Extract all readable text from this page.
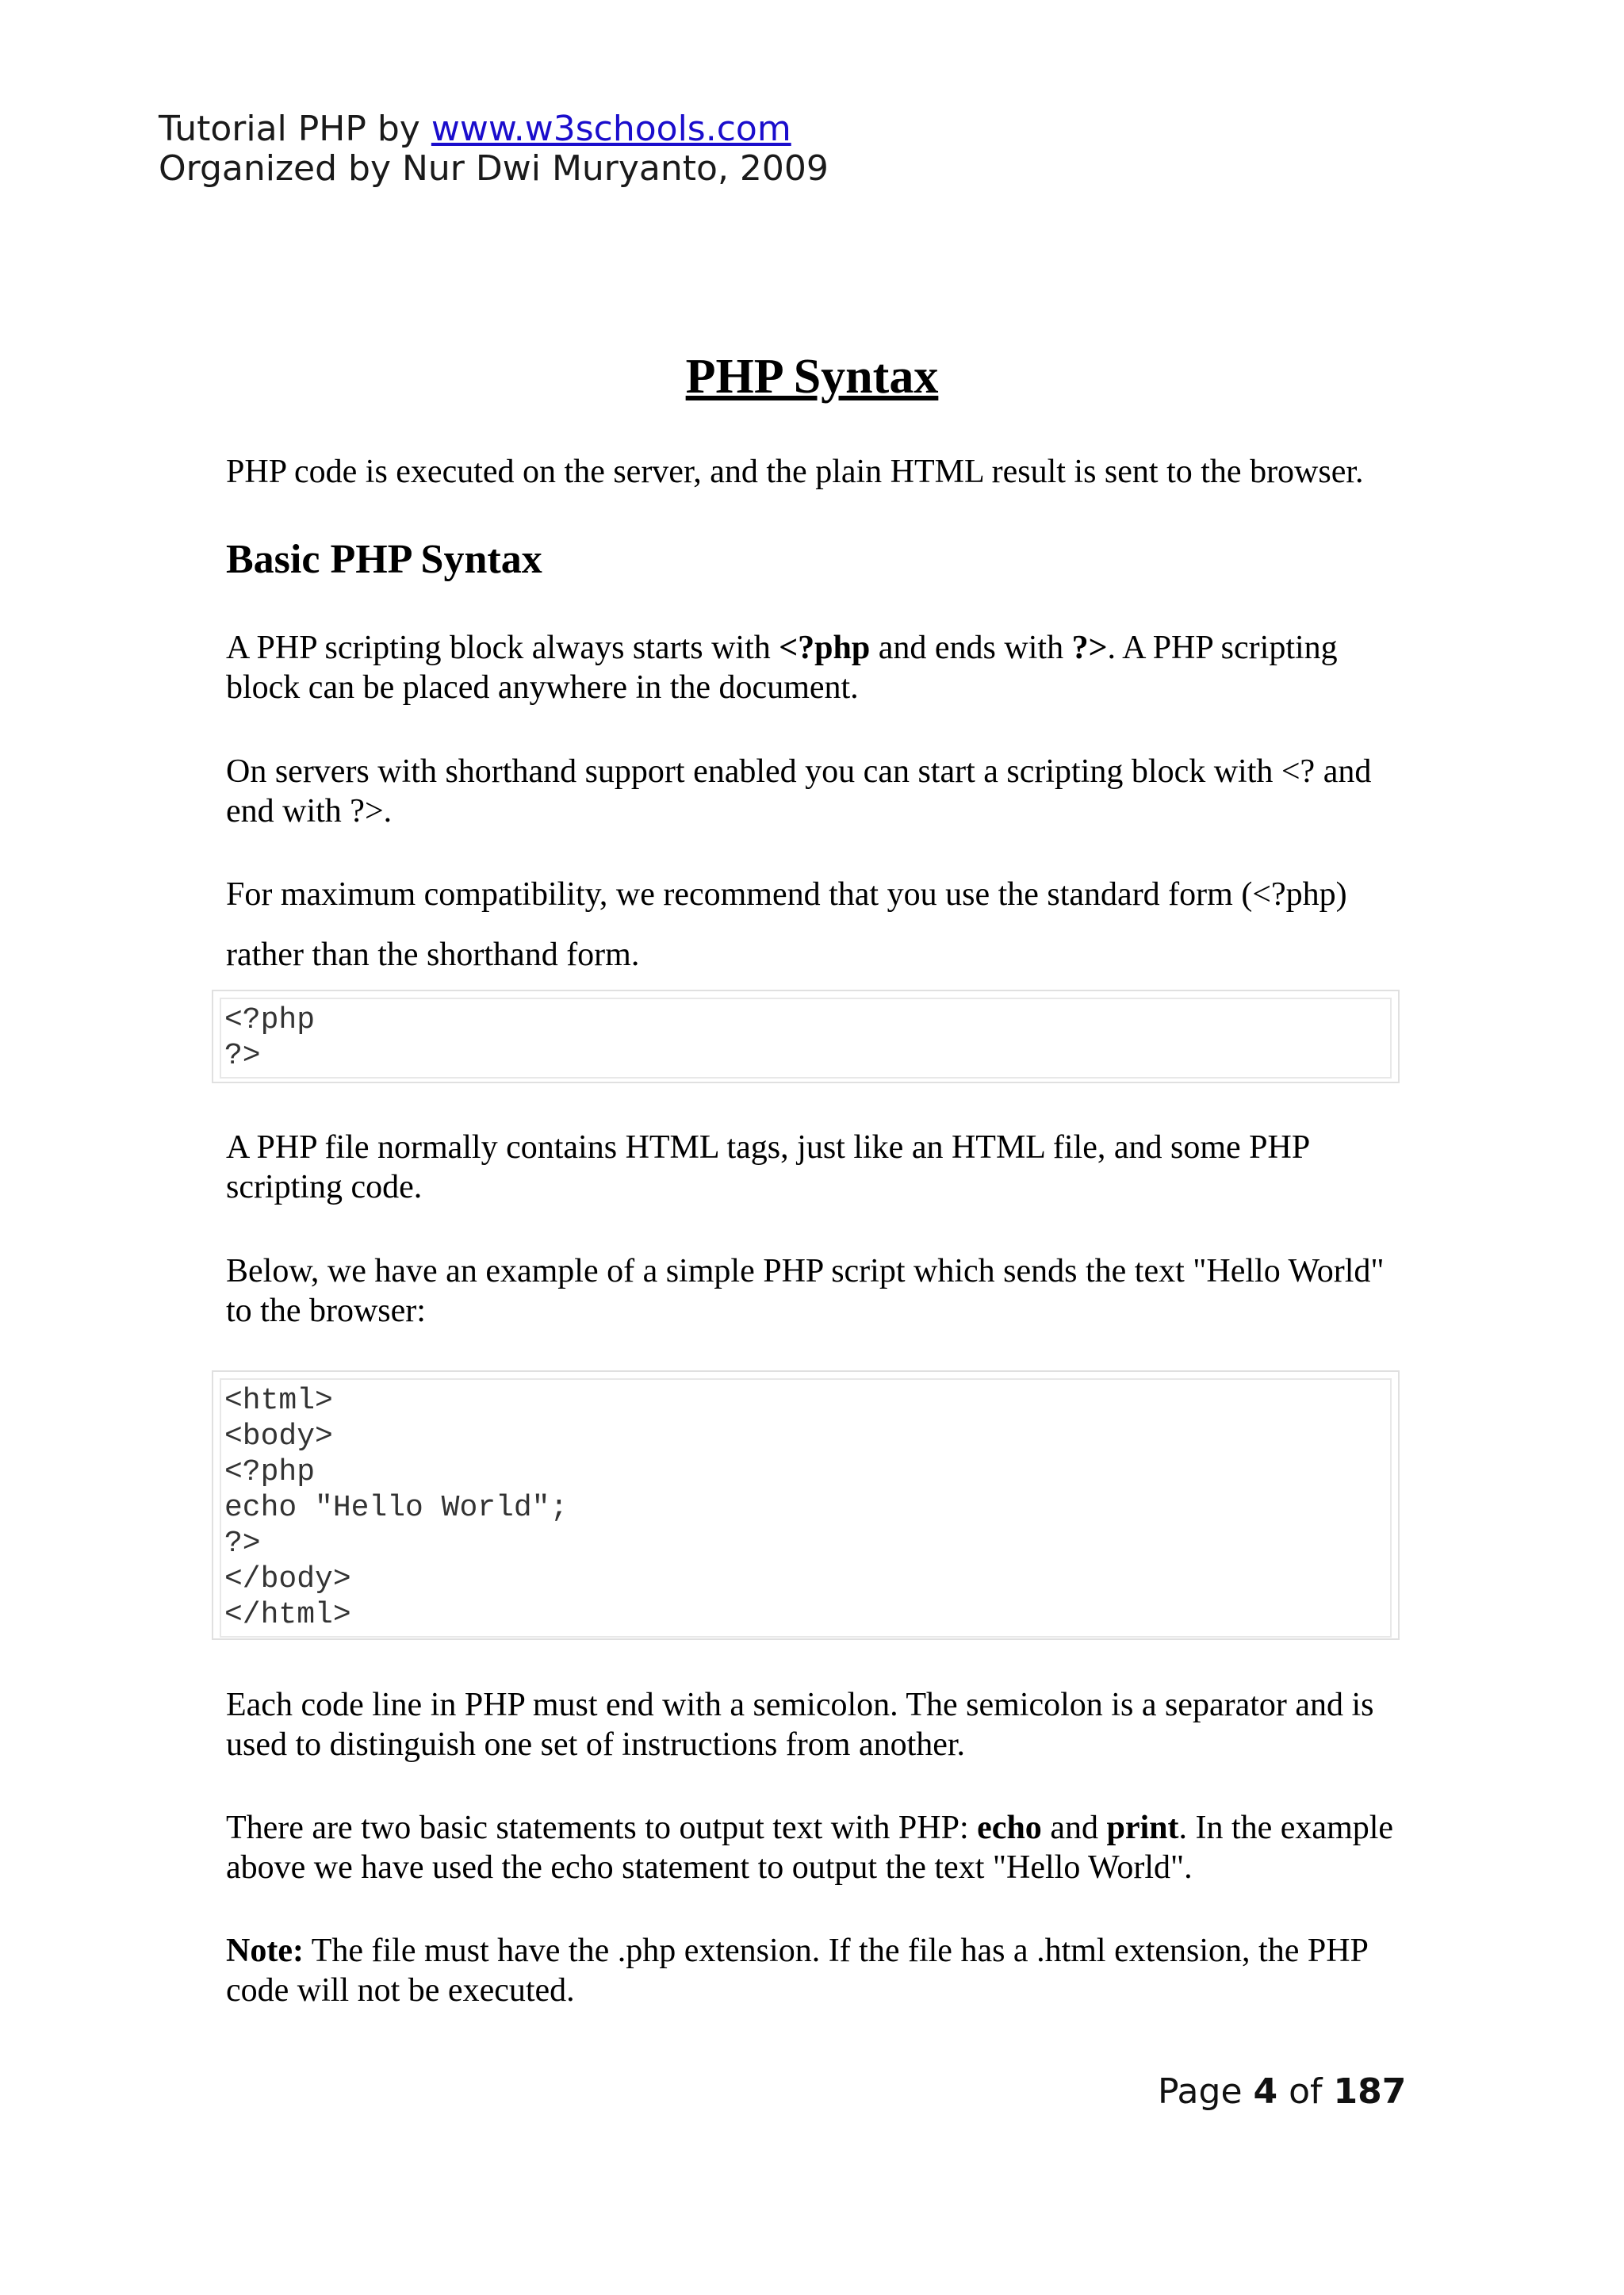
Tutorial PHP by www.w3schools.com
Organized by Nur Dwi Muryanto, 2009
PHP Syntax
PHP code is executed on the server, and the plain HTML result is sent to the browser.
Basic PHP Syntax
A PHP scripting block always starts with <?php and ends with ?>. A PHP scripting block can be placed anywhere in the document.
On servers with shorthand support enabled you can start a scripting block with <? and end with ?>.
For maximum compatibility, we recommend that you use the standard form (<?php)
rather than the shorthand form.
<?php
?>
A PHP file normally contains HTML tags, just like an HTML file, and some PHP scripting code.
Below, we have an example of a simple PHP script which sends the text "Hello World" to the browser:
<html>
<body>
<?php
echo "Hello World";
?>
</body>
</html>
Each code line in PHP must end with a semicolon. The semicolon is a separator and is used to distinguish one set of instructions from another.
There are two basic statements to output text with PHP: echo and print. In the example above we have used the echo statement to output the text "Hello World".
Note: The file must have the .php extension. If the file has a .html extension, the PHP code will not be executed.
Page 4 of 187
